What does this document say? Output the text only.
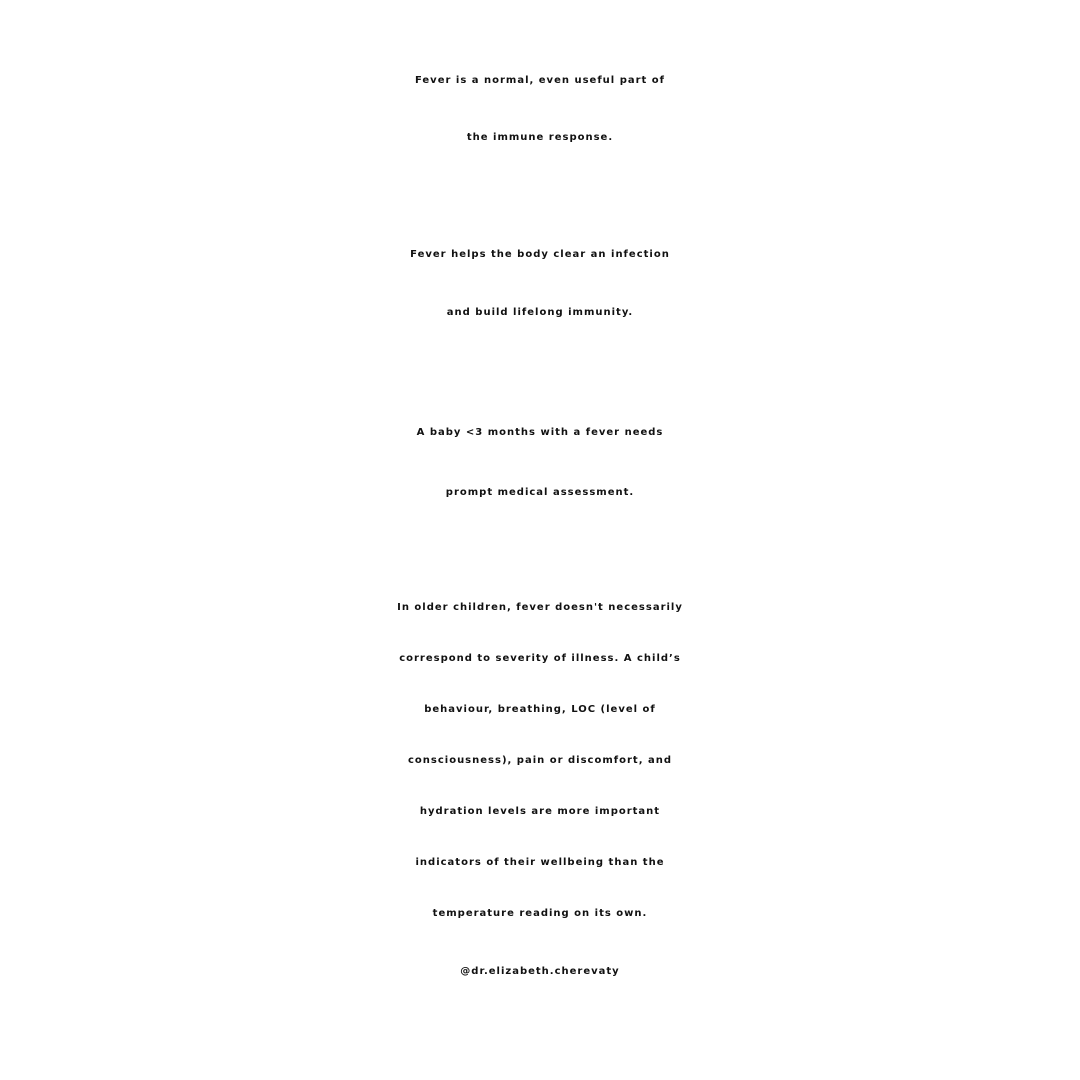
Fever is a normal, even useful part of
the immune response.

Fever helps the body clear an infection
and build lifelong immunity.

A baby <3 months with a fever needs
prompt medical assessment.

In older children, fever doesn't necessarily
correspond to severity of illness. A child’s
behaviour, breathing, LOC (level of
consciousness), pain or discomfort, and
hydration levels are more important
indicators of their wellbeing than the
temperature reading on its own.

@dr.elizabeth.cherevaty
